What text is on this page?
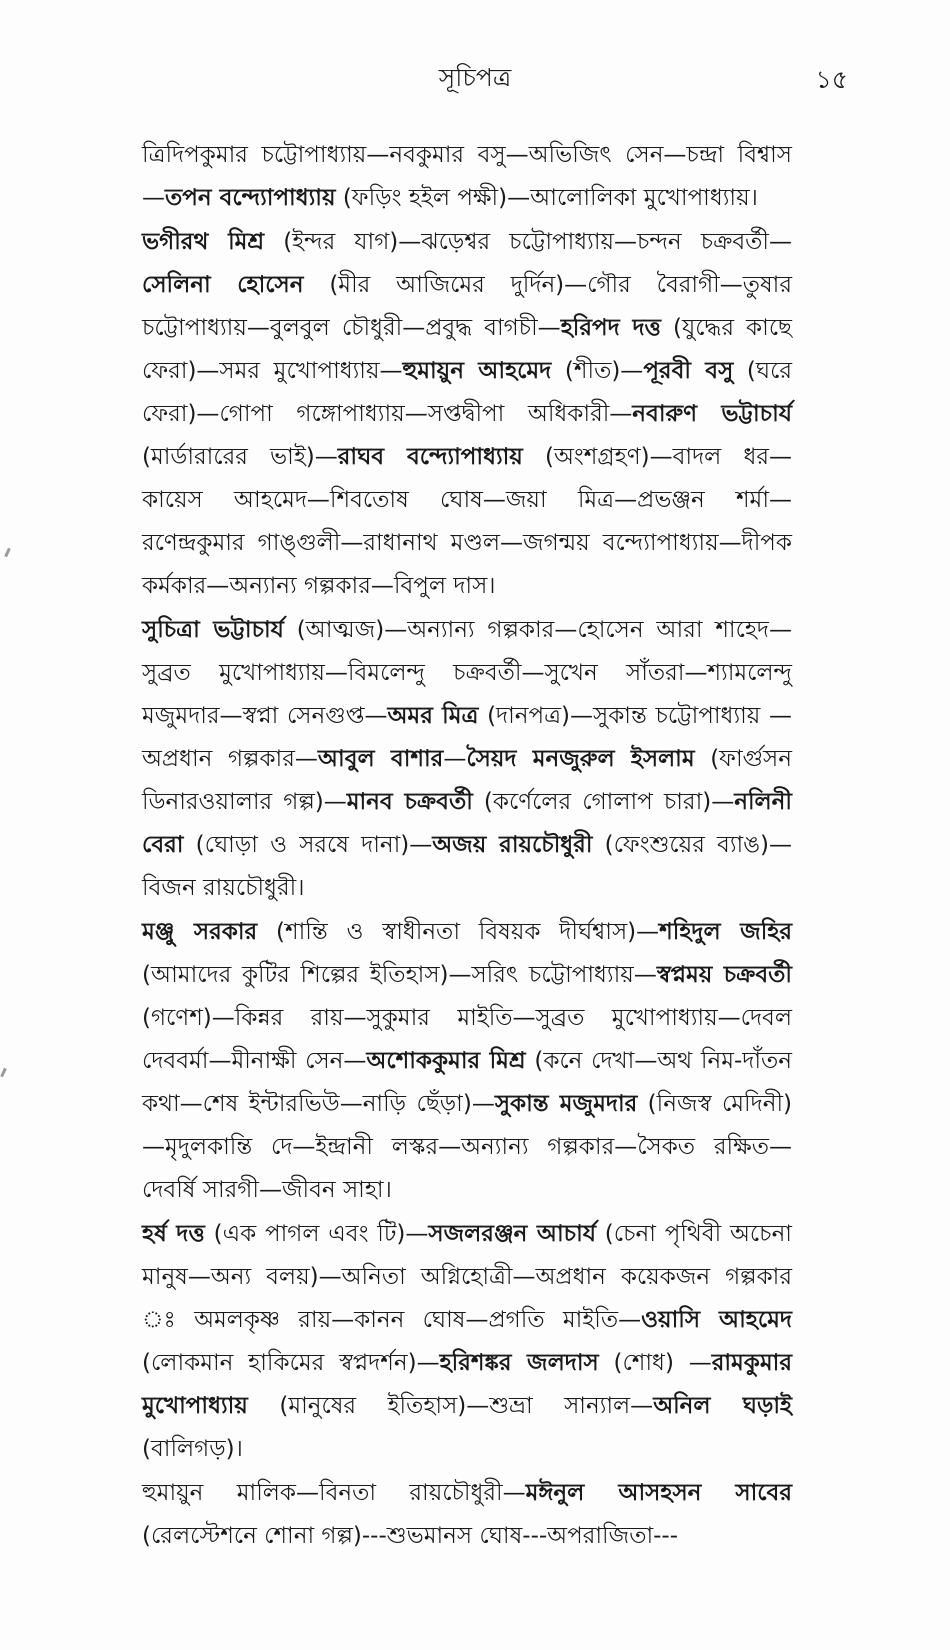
সূচিপত্র	১৫

ত্রিদিপকুমার চট্টোপাধ্যায়—নবকুমার বসু—অভিজিৎ সেন—চন্দ্রা বিশ্বাস —তপন বন্দ্যোপাধ্যায় (ফড়িং হইল পক্ষী)—আলোলিকা মুখোপাধ্যায়।

ভগীরথ মিশ্র (ইন্দর যাগ)—ঝড়েশ্বর চট্টোপাধ্যায়—চন্দন চক্রবর্তী—সেলিনা হোসেন (মীর আজিমের দুর্দিন)—গৌর বৈরাগী—তুষার চট্টোপাধ্যায়—বুলবুল চৌধুরী—প্রবুদ্ধ বাগচী—হরিপদ দত্ত (যুদ্ধের কাছে ফেরা)—সমর মুখোপাধ্যায়—হুমায়ুন আহমেদ (শীত)—পূরবী বসু (ঘরে ফেরা)—গোপা গঙ্গোপাধ্যায়—সপ্তদ্বীপা অধিকারী—নবারুণ ভট্টাচার্য (মার্ডারারের ভাই)—রাঘব বন্দ্যোপাধ্যায় (অংশগ্রহণ)—বাদল ধর—কায়েস আহমেদ—শিবতোষ ঘোষ—জয়া মিত্র—প্রভঞ্জন শর্মা—রণেন্দ্রকুমার গাঙ্গুলী—রাধানাথ মণ্ডল—জগন্ময় বন্দ্যোপাধ্যায়—দীপক কর্মকার—অন্যান্য গল্পকার—বিপুল দাস।

সুচিত্রা ভট্টাচার্য (আত্মজ)—অন্যান্য গল্পকার—হোসেন আরা শাহেদ—সুব্রত মুখোপাধ্যায়—বিমলেন্দু চক্রবর্তী—সুখেন সাঁতরা—শ্যামলেন্দু মজুমদার—স্বপ্না সেনগুপ্ত—অমর মিত্র (দানপত্র)—সুকান্ত চট্টোপাধ্যায় —অপ্রধান গল্পকার—আবুল বাশার—সৈয়দ মনজুরুল ইসলাম (ফার্গুসন ডিনারওয়ালার গল্প)—মানব চক্রবর্তী (কর্ণেলের গোলাপ চারা)—নলিনী বেরা (ঘোড়া ও সরষে দানা)—অজয় রায়চৌধুরী (ফেংশুয়ের ব্যাঙ)—বিজন রায়চৌধুরী।

মঞ্জু সরকার (শান্তি ও স্বাধীনতা বিষয়ক দীর্ঘশ্বাস)—শহিদুল জহির (আমাদের কুটির শিল্পের ইতিহাস)—সরিৎ চট্টোপাধ্যায়—স্বপ্নময় চক্রবর্তী (গণেশ)—কিন্নর রায়—সুকুমার মাইতি—সুব্রত মুখোপাধ্যায়—দেবল দেববর্মা—মীনাক্ষী সেন—অশোককুমার মিশ্র (কনে দেখা—অথ নিম-দাঁতন কথা—শেষ ইন্টারভিউ—নাড়ি ছেঁড়া)—সুকান্ত মজুমদার (নিজস্ব মেদিনী)—মৃদুলকান্তি দে—ইন্দ্রানী লস্কর—অন্যান্য গল্পকার—সৈকত রক্ষিত—দেবর্ষি সারগী—জীবন সাহা।

হর্ষ দত্ত (এক পাগল এবং টি)—সজলরঞ্জন আচার্য (চেনা পৃথিবী অচেনা মানুষ—অন্য বলয়)—অনিতা অগ্নিহোত্রী—অপ্রধান কয়েকজন গল্পকার ঃ অমলকৃষ্ণ রায়—কানন ঘোষ—প্রগতি মাইতি—ওয়াসি আহমেদ (লোকমান হাকিমের স্বপ্নদর্শন)—হরিশঙ্কর জলদাস (শোধ) —রামকুমার মুখোপাধ্যায় (মানুষের ইতিহাস)—শুভ্রা সান্যাল—অনিল ঘড়াই (বালিগড়)।

হুমায়ুন মালিক—বিনতা রায়চৌধুরী—মঈনুল আসহসন সাবের (রেলস্টেশনে শোনা গল্প)---শুভমানস ঘোষ---অপরাজিতা---
